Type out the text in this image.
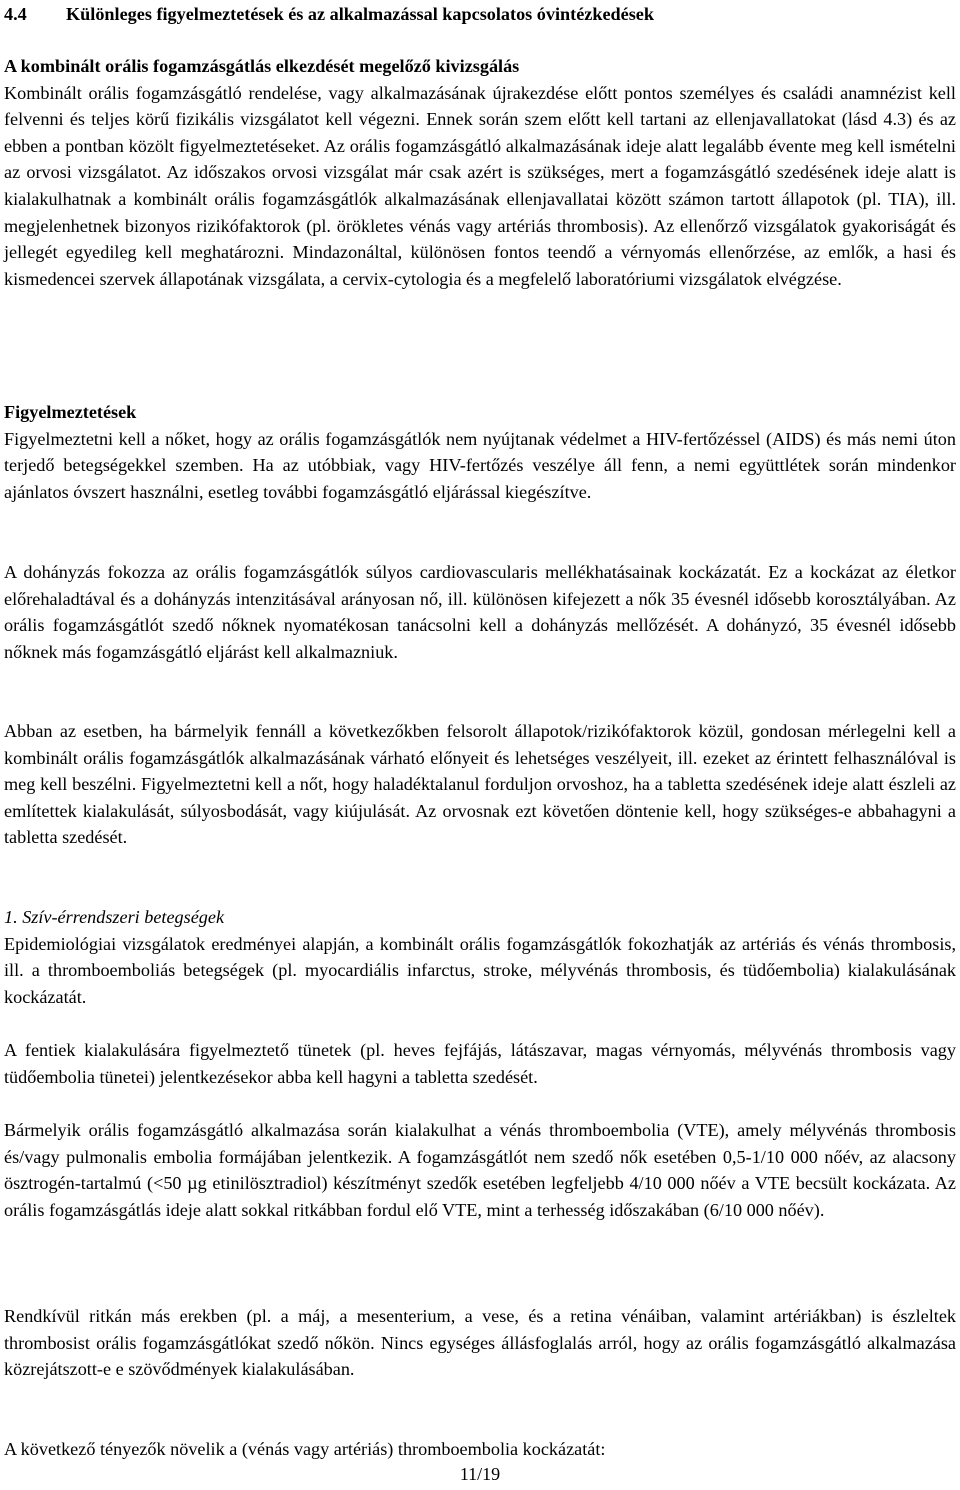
4.4 Különleges figyelmeztetések és az alkalmazással kapcsolatos óvintézkedések

A kombinált orális fogamzásgátlás elkezdését megelőző kivizsgálás

Kombinált orális fogamzásgátló rendelése, vagy alkalmazásának újrakezdése előtt pontos személyes és családi anamnézist kell felvenni és teljes körű fizikális vizsgálatot kell végezni. Ennek során szem előtt kell tartani az ellenjavallatokat (lásd 4.3) és az ebben a pontban közölt figyelmeztetéseket. Az orális fogamzásgátló alkalmazásának ideje alatt legalább évente meg kell ismételni az orvosi vizsgálatot. Az időszakos orvosi vizsgálat már csak azért is szükséges, mert a fogamzásgátló szedésének ideje alatt is kialakulhatnak a kombinált orális fogamzásgátlók alkalmazásának ellenjavallatai között számon tartott állapotok (pl. TIA), ill. megjelenhetnek bizonyos rizikófaktorok (pl. örökletes vénás vagy artériás thrombosis). Az ellenőrző vizsgálatok gyakoriságát és jellegét egyedileg kell meghatározni. Mindazonáltal, különösen fontos teendő a vérnyomás ellenőrzése, az emlők, a hasi és kismedencei szervek állapotának vizsgálata, a cervix-cytologia és a megfelelő laboratóriumi vizsgálatok elvégzése.

Figyelmeztetések

Figyelmeztetni kell a nőket, hogy az orális fogamzásgátlók nem nyújtanak védelmet a HIV-fertőzéssel (AIDS) és más nemi úton terjedő betegségekkel szemben. Ha az utóbbiak, vagy HIV-fertőzés veszélye áll fenn, a nemi együttlétek során mindenkor ajánlatos óvszert használni, esetleg további fogamzásgátló eljárással kiegészítve.

A dohányzás fokozza az orális fogamzásgátlók súlyos cardiovascularis mellékhatásainak kockázatát. Ez a kockázat az életkor előrehaladtával és a dohányzás intenzitásával arányosan nő, ill. különösen kifejezett a nők 35 évesnél idősebb korosztályában. Az orális fogamzásgátlót szedő nőknek nyomatékosan tanácsolni kell a dohányzás mellőzését. A dohányzó, 35 évesnél idősebb nőknek más fogamzásgátló eljárást kell alkalmazniuk.
Abban az esetben, ha bármelyik fennáll a következőkben felsorolt állapotok/rizikófaktorok közül, gondosan mérlegelni kell a kombinált orális fogamzásgátlók alkalmazásának várható előnyeit és lehetséges veszélyeit, ill. ezeket az érintett felhasználóval is meg kell beszélni. Figyelmeztetni kell a nőt, hogy haladéktalanul forduljon orvoshoz, ha a tabletta szedésének ideje alatt észleli az említettek kialakulását, súlyosbodását, vagy kiújulását. Az orvosnak ezt követően döntenie kell, hogy szükséges-e abbahagyni a tabletta szedését.

1. Szív-érrendszeri betegségek

Epidemiológiai vizsgálatok eredményei alapján, a kombinált orális fogamzásgátlók fokozhatják az artériás és vénás thrombosis, ill. a thromboemboliás betegségek (pl. myocardiális infarctus, stroke, mélyvénás thrombosis, és tüdőembolia) kialakulásának kockázatát.

A fentiek kialakulására figyelmeztető tünetek (pl. heves fejfájás, látászavar, magas vérnyomás, mélyvénás thrombosis vagy tüdőembolia tünetei) jelentkezésekor abba kell hagyni a tabletta szedését.
Bármelyik orális fogamzásgátló alkalmazása során kialakulhat a vénás thromboembolia (VTE), amely mélyvénás thrombosis és/vagy pulmonalis embolia formájában jelentkezik. A fogamzásgátlót nem szedő nők esetében 0,5-1/10 000 nőév, az alacsony ösztrogén-tartalmú (<50 µg etinilösztradiol) készítményt szedők esetében legfeljebb 4/10 000 nőév a VTE becsült kockázata. Az orális fogamzásgátlás ideje alatt sokkal ritkábban fordul elő VTE, mint a terhesség időszakában (6/10 000 nőév).
Rendkívül ritkán más erekben (pl. a máj, a mesenterium, a vese, és a retina vénáiban, valamint artériákban) is észleltek thrombosist orális fogamzásgátlókat szedő nőkön. Nincs egységes állásfoglalás arról, hogy az orális fogamzásgátló alkalmazása közrejátszott-e e szövődmények kialakulásában.
A következő tényezők növelik a (vénás vagy artériás) thromboembolia kockázatát:
11/19
